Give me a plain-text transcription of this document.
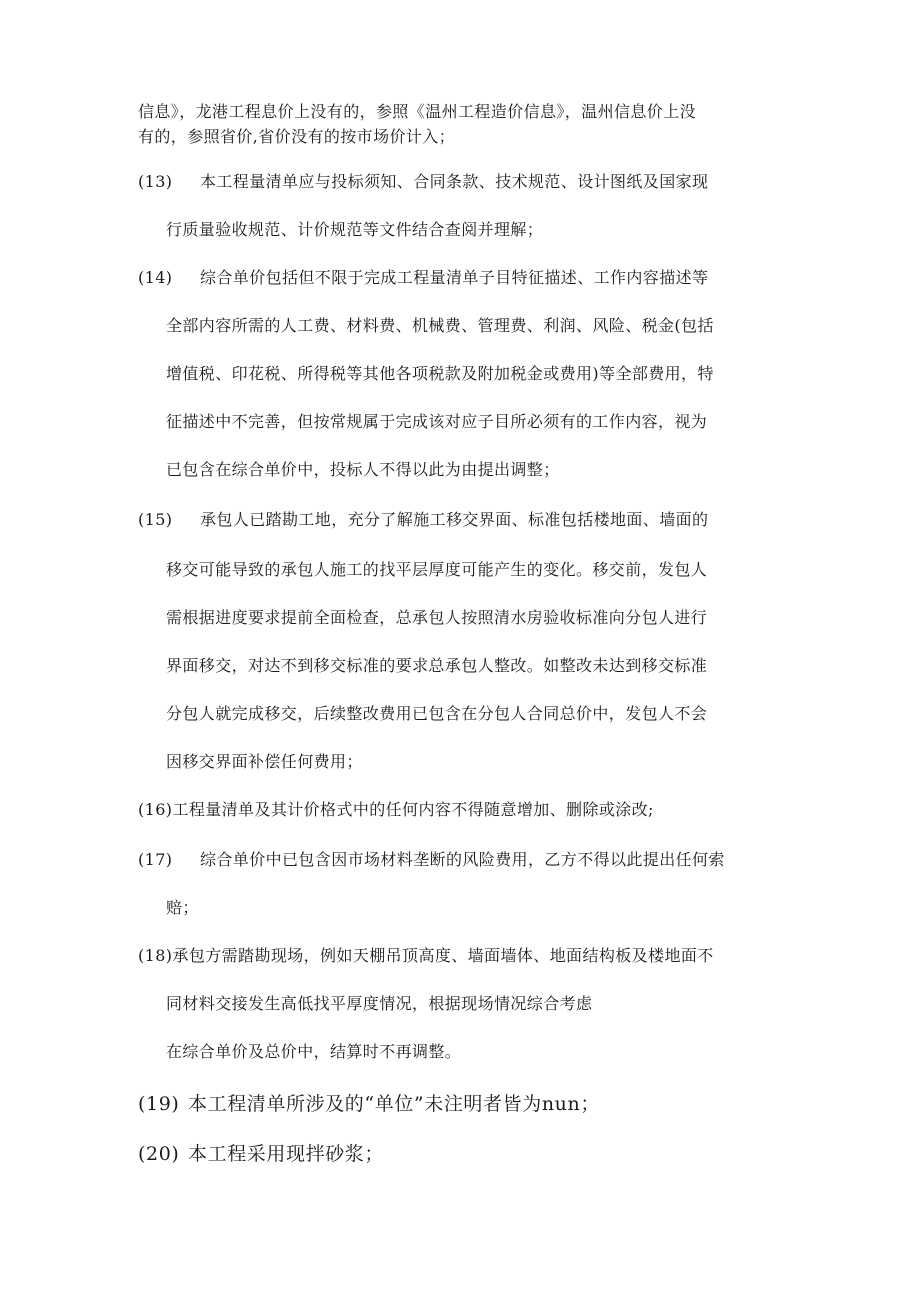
信息》，龙港工程息价上没有的，参照《温州工程造价信息》，温州信息价上没
有的，参照省价,省价没有的按市场价计入；
(13) 本工程量清单应与投标须知、合同条款、技术规范、设计图纸及国家现
行质量验收规范、计价规范等文件结合查阅并理解；
(14) 综合单价包括但不限于完成工程量清单子目特征描述、工作内容描述等
全部内容所需的人工费、材料费、机械费、管理费、利润、风险、税金(包括
增值税、印花税、所得税等其他各项税款及附加税金或费用)等全部费用，特
征描述中不完善，但按常规属于完成该对应子目所必须有的工作内容，视为
已包含在综合单价中，投标人不得以此为由提出调整；
(15) 承包人已踏勘工地，充分了解施工移交界面、标准包括楼地面、墙面的
移交可能导致的承包人施工的找平层厚度可能产生的变化。移交前，发包人
需根据进度要求提前全面检查，总承包人按照清水房验收标准向分包人进行
界面移交，对达不到移交标准的要求总承包人整改。如整改未达到移交标准
分包人就完成移交，后续整改费用已包含在分包人合同总价中，发包人不会
因移交界面补偿任何费用；
(16)工程量清单及其计价格式中的任何内容不得随意增加、删除或涂改;
(17) 综合单价中已包含因市场材料垄断的风险费用，乙方不得以此提出任何索
赔；
(18)承包方需踏勘现场，例如天棚吊顶高度、墙面墙体、地面结构板及楼地面不
同材料交接发生高低找平厚度情况，根据现场情况综合考虑
在综合单价及总价中，结算时不再调整。
(19) 本工程清单所涉及的“单位”未注明者皆为nun；
(20) 本工程采用现拌砂浆；
